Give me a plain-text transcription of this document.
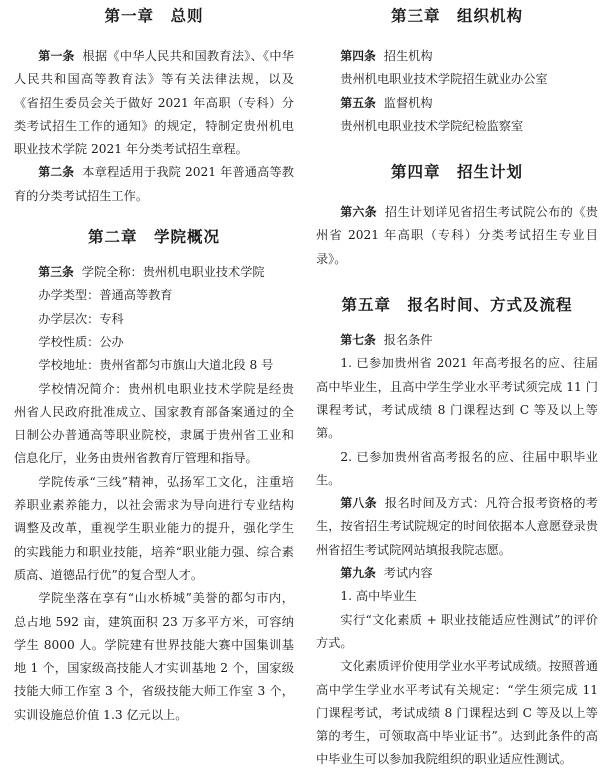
第一章　总则

第一条 根据《中华人民共和国教育法》、《中华人民共和国高等教育法》等有关法律法规，以及《省招生委员会关于做好 2021 年高职（专科）分类考试招生工作的通知》的规定，特制定贵州机电职业技术学院 2021 年分类考试招生章程。

第二条 本章程适用于我院 2021 年普通高等教育的分类考试招生工作。

第二章　学院概况

第三条 学院全称：贵州机电职业技术学院

办学类型：普通高等教育

办学层次：专科

学校性质：公办

学校地址：贵州省都匀市旗山大道北段 8 号

学校情况简介：贵州机电职业技术学院是经贵州省人民政府批准成立、国家教育部备案通过的全日制公办普通高等职业院校，隶属于贵州省工业和信息化厅，业务由贵州省教育厅管理和指导。

学院传承“三线”精神，弘扬军工文化，注重培养职业素养能力，以社会需求为导向进行专业结构调整及改革，重视学生职业能力的提升，强化学生的实践能力和职业技能，培养“职业能力强、综合素质高、道德品行优”的复合型人才。

学院坐落在享有“山水桥城”美誉的都匀市内，总占地 592 亩，建筑面积 23 万多平方米，可容纳学生 8000 人。学院建有世界技能大赛中国集训基地 1 个，国家级高技能人才实训基地 2 个，国家级技能大师工作室 3 个，省级技能大师工作室 3 个，实训设施总价值 1.3 亿元以上。

第三章　组织机构

第四条 招生机构

贵州机电职业技术学院招生就业办公室

第五条 监督机构

贵州机电职业技术学院纪检监察室

第四章　招生计划

第六条 招生计划详见省招生考试院公布的《贵州省 2021 年高职（专科）分类考试招生专业目录》。

第五章　报名时间、方式及流程

第七条 报名条件

1. 已参加贵州省 2021 年高考报名的应、往届高中毕业生，且高中学生学业水平考试须完成 11 门课程考试，考试成绩 8 门课程达到 C 等及以上等第。

2. 已参加贵州省高考报名的应、往届中职毕业生。

第八条 报名时间及方式：凡符合报考资格的考生，按省招生考试院规定的时间依据本人意愿登录贵州省招生考试院网站填报我院志愿。

第九条 考试内容

1. 高中毕业生

实行“文化素质 + 职业技能适应性测试”的评价方式。

文化素质评价使用学业水平考试成绩。按照普通高中学生学业水平考试有关规定：“学生须完成 11 门课程考试，考试成绩 8 门课程达到 C 等及以上等第的考生，可领取高中毕业证书”。达到此条件的高中毕业生可以参加我院组织的职业适应性测试。
